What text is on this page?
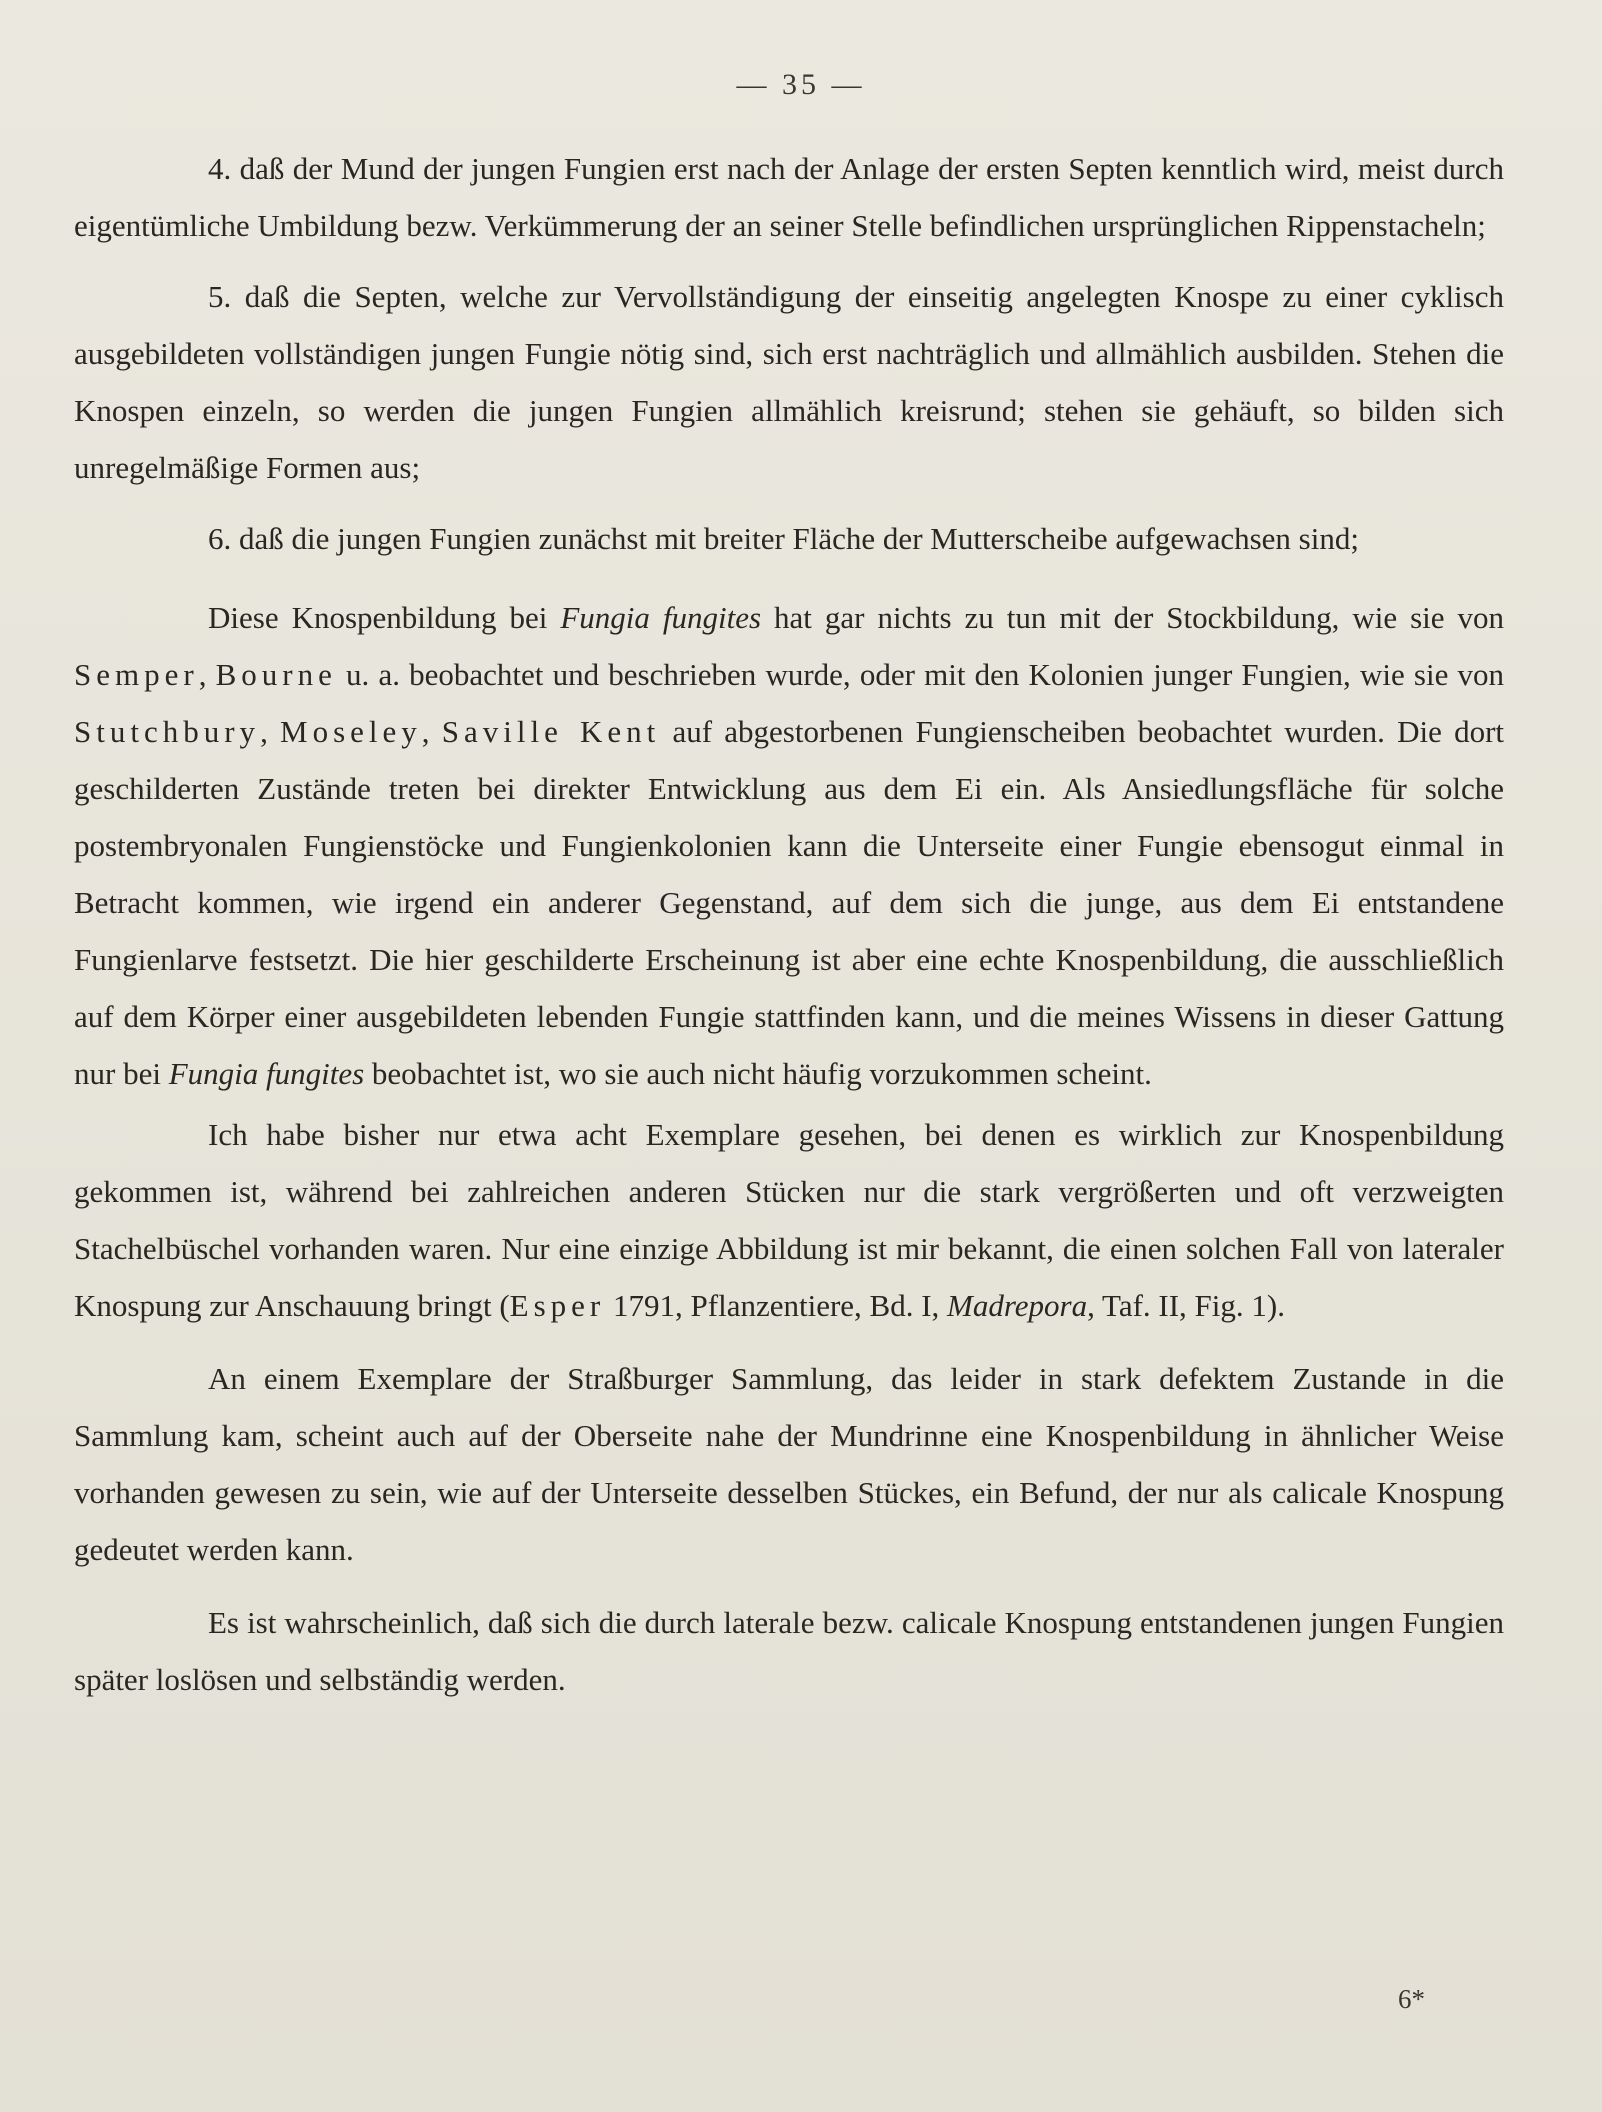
— 35 —

4. daß der Mund der jungen Fungien erst nach der Anlage der ersten Septen kenntlich wird, meist durch eigentümliche Umbildung bezw. Verkümmerung der an seiner Stelle befindlichen ursprünglichen Rippenstacheln;

5. daß die Septen, welche zur Vervollständigung der einseitig angelegten Knospe zu einer cyklisch ausgebildeten vollständigen jungen Fungie nötig sind, sich erst nachträglich und allmählich ausbilden. Stehen die Knospen einzeln, so werden die jungen Fungien allmählich kreisrund; stehen sie gehäuft, so bilden sich unregelmäßige Formen aus;

6. daß die jungen Fungien zunächst mit breiter Fläche der Mutterscheibe aufgewachsen sind;

Diese Knospenbildung bei Fungia fungites hat gar nichts zu tun mit der Stockbildung, wie sie von Semper, Bourne u. a. beobachtet und beschrieben wurde, oder mit den Kolonien junger Fungien, wie sie von Stutchbury, Moseley, Saville Kent auf abgestorbenen Fungienscheiben beobachtet wurden. Die dort geschilderten Zustände treten bei direkter Entwicklung aus dem Ei ein. Als Ansiedlungsfläche für solche postembryonalen Fungienstöcke und Fungienkolonien kann die Unterseite einer Fungie ebensogut einmal in Betracht kommen, wie irgend ein anderer Gegenstand, auf dem sich die junge, aus dem Ei entstandene Fungienlarve festsetzt. Die hier geschilderte Erscheinung ist aber eine echte Knospenbildung, die ausschließlich auf dem Körper einer ausgebildeten lebenden Fungie stattfinden kann, und die meines Wissens in dieser Gattung nur bei Fungia fungites beobachtet ist, wo sie auch nicht häufig vorzukommen scheint.

Ich habe bisher nur etwa acht Exemplare gesehen, bei denen es wirklich zur Knospenbildung gekommen ist, während bei zahlreichen anderen Stücken nur die stark vergrößerten und oft verzweigten Stachelbüschel vorhanden waren. Nur eine einzige Abbildung ist mir bekannt, die einen solchen Fall von lateraler Knospung zur Anschauung bringt (Esper 1791, Pflanzentiere, Bd. I, Madrepora, Taf. II, Fig. 1).

An einem Exemplare der Straßburger Sammlung, das leider in stark defektem Zustande in die Sammlung kam, scheint auch auf der Oberseite nahe der Mundrinne eine Knospenbildung in ähnlicher Weise vorhanden gewesen zu sein, wie auf der Unterseite desselben Stückes, ein Befund, der nur als calicale Knospung gedeutet werden kann.

Es ist wahrscheinlich, daß sich die durch laterale bezw. calicale Knospung entstandenen jungen Fungien später loslösen und selbständig werden.

6*
